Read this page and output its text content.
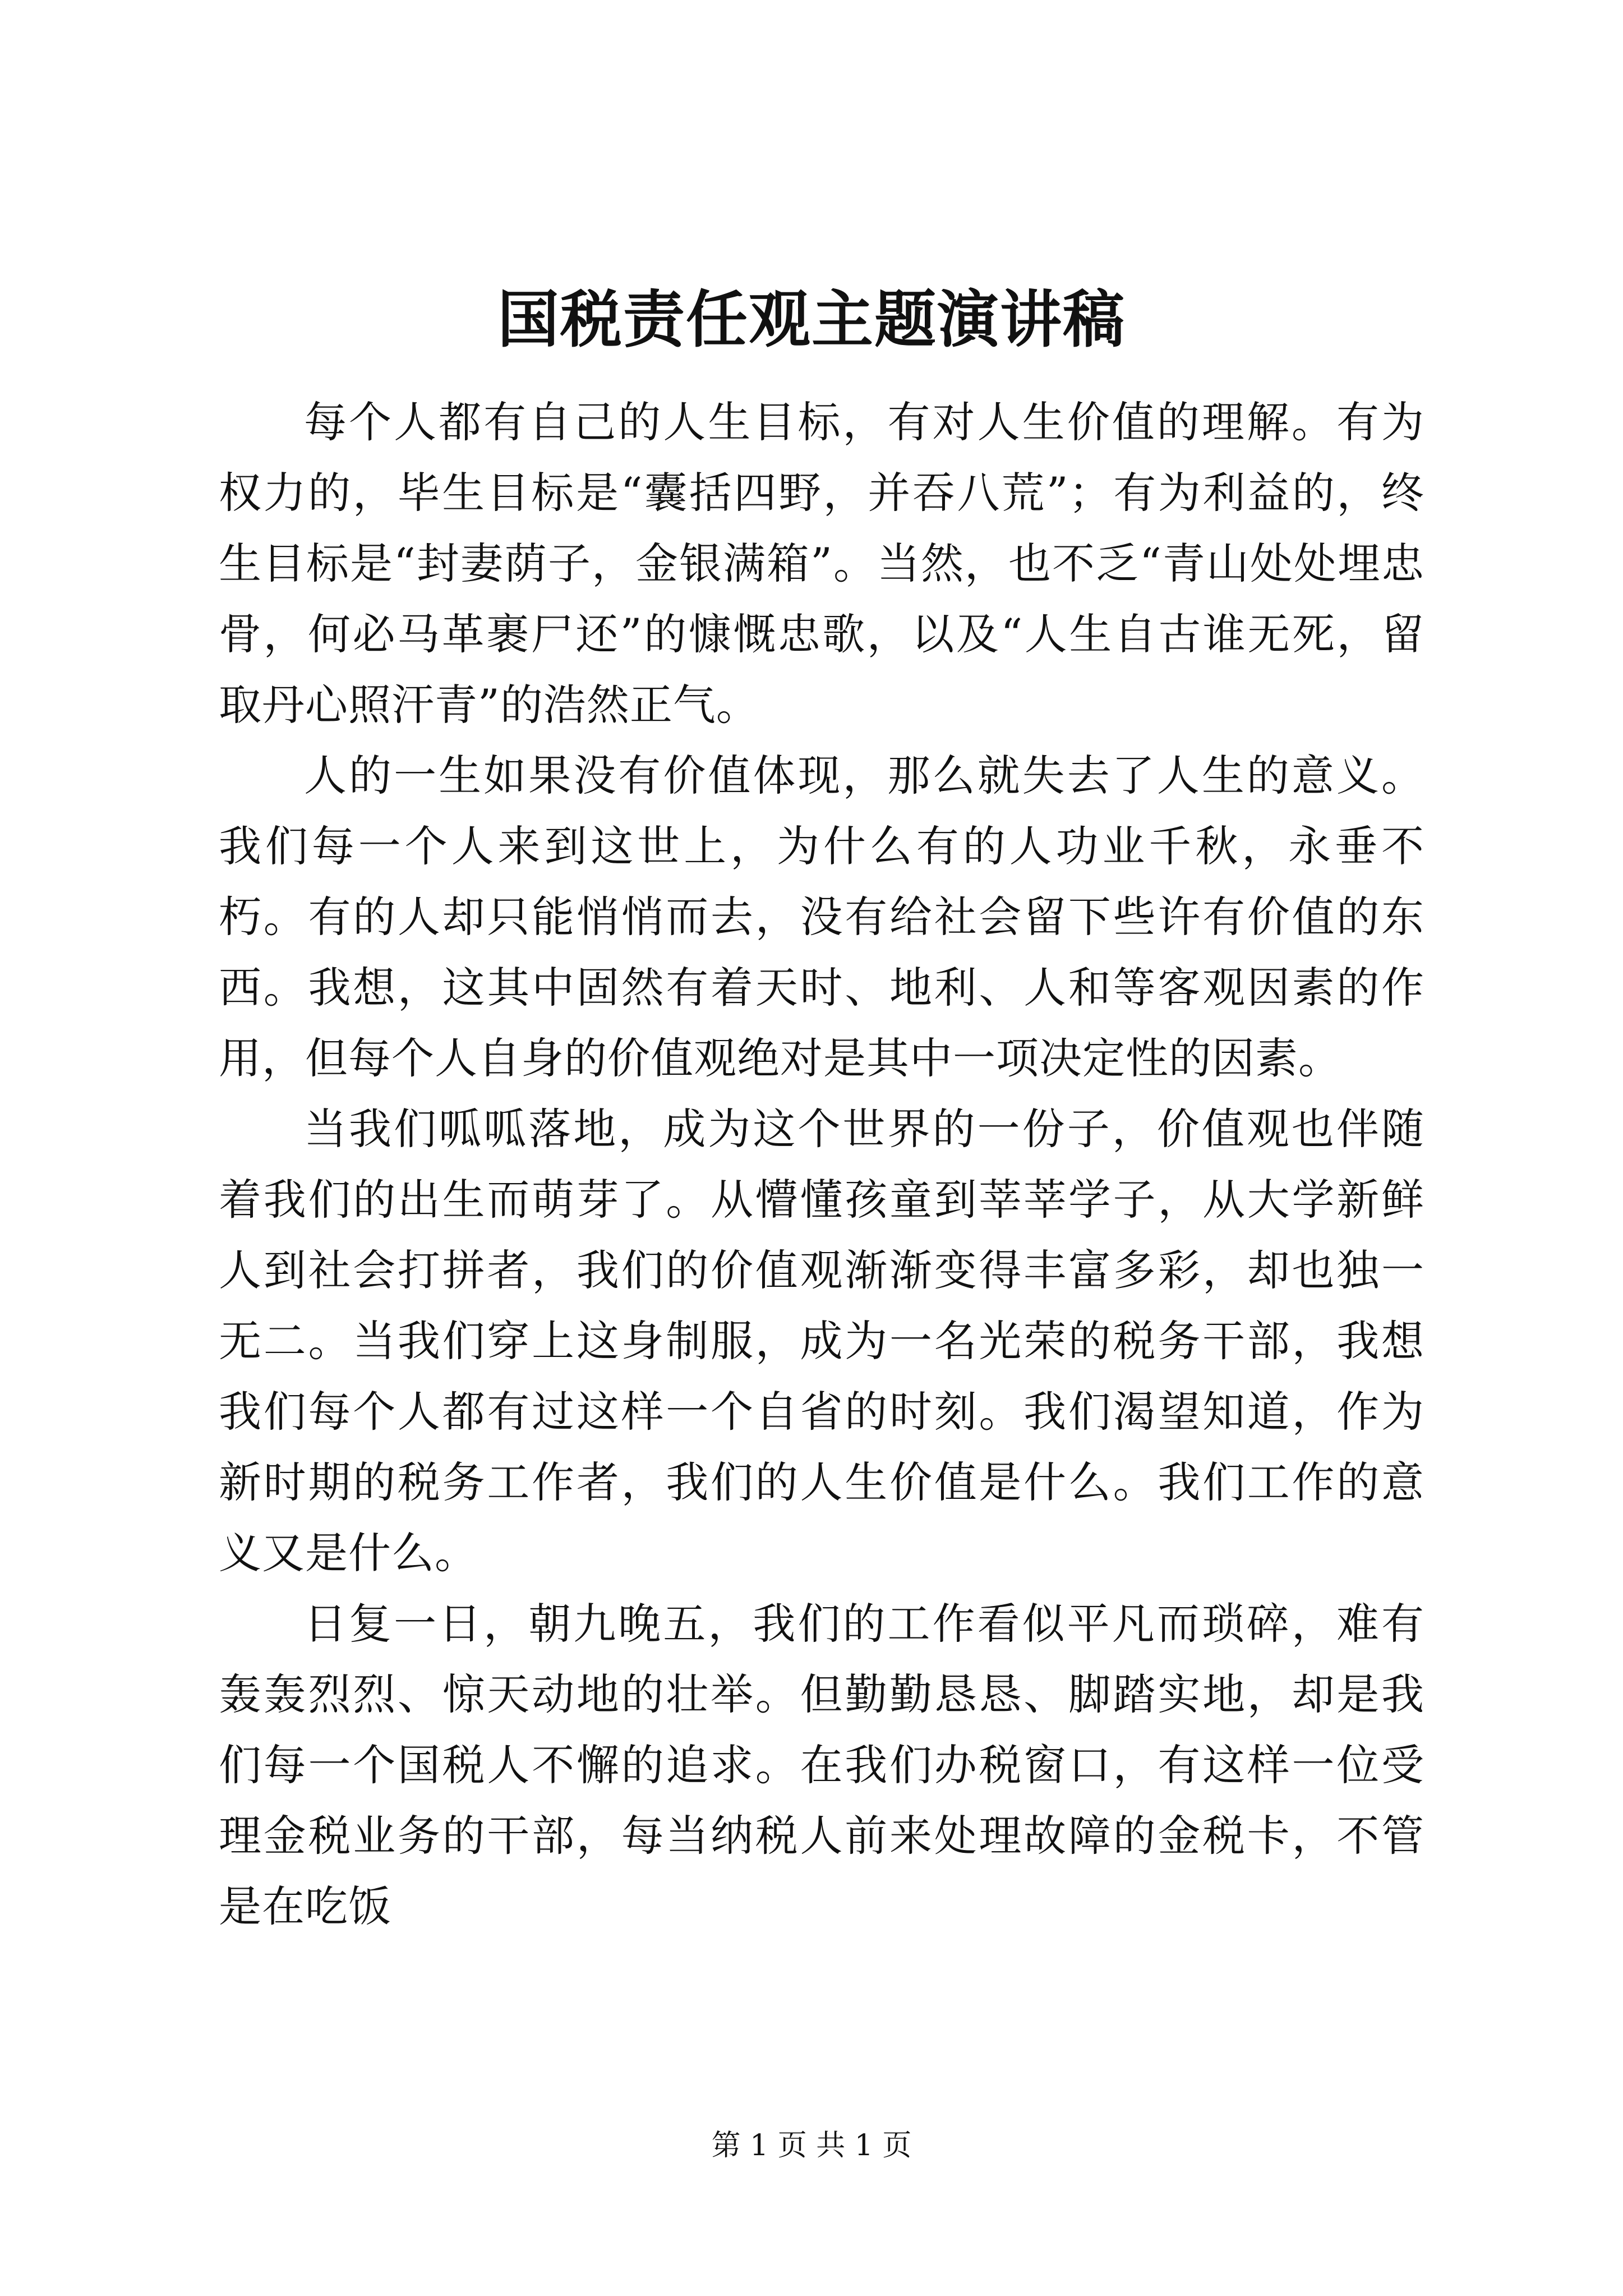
国税责任观主题演讲稿

每个人都有自己的人生目标，有对人生价值的理解。有为权力的，毕生目标是“囊括四野，并吞八荒”；有为利益的，终生目标是“封妻荫子，金银满箱”。当然，也不乏“青山处处埋忠骨，何必马革裹尸还”的慷慨忠歌，以及“人生自古谁无死，留取丹心照汗青”的浩然正气。

人的一生如果没有价值体现，那么就失去了人生的意义。我们每一个人来到这世上，为什么有的人功业千秋，永垂不朽。有的人却只能悄悄而去，没有给社会留下些许有价值的东西。我想，这其中固然有着天时、地利、人和等客观因素的作用，但每个人自身的价值观绝对是其中一项决定性的因素。

当我们呱呱落地，成为这个世界的一份子，价值观也伴随着我们的出生而萌芽了。从懵懂孩童到莘莘学子，从大学新鲜人到社会打拼者，我们的价值观渐渐变得丰富多彩，却也独一无二。当我们穿上这身制服，成为一名光荣的税务干部，我想我们每个人都有过这样一个自省的时刻。我们渴望知道，作为新时期的税务工作者，我们的人生价值是什么。我们工作的意义又是什么。

日复一日，朝九晚五，我们的工作看似平凡而琐碎，难有轰轰烈烈、惊天动地的壮举。但勤勤恳恳、脚踏实地，却是我们每一个国税人不懈的追求。在我们办税窗口，有这样一位受理金税业务的干部，每当纳税人前来处理故障的金税卡，不管是在吃饭

第 1 页 共 1 页
